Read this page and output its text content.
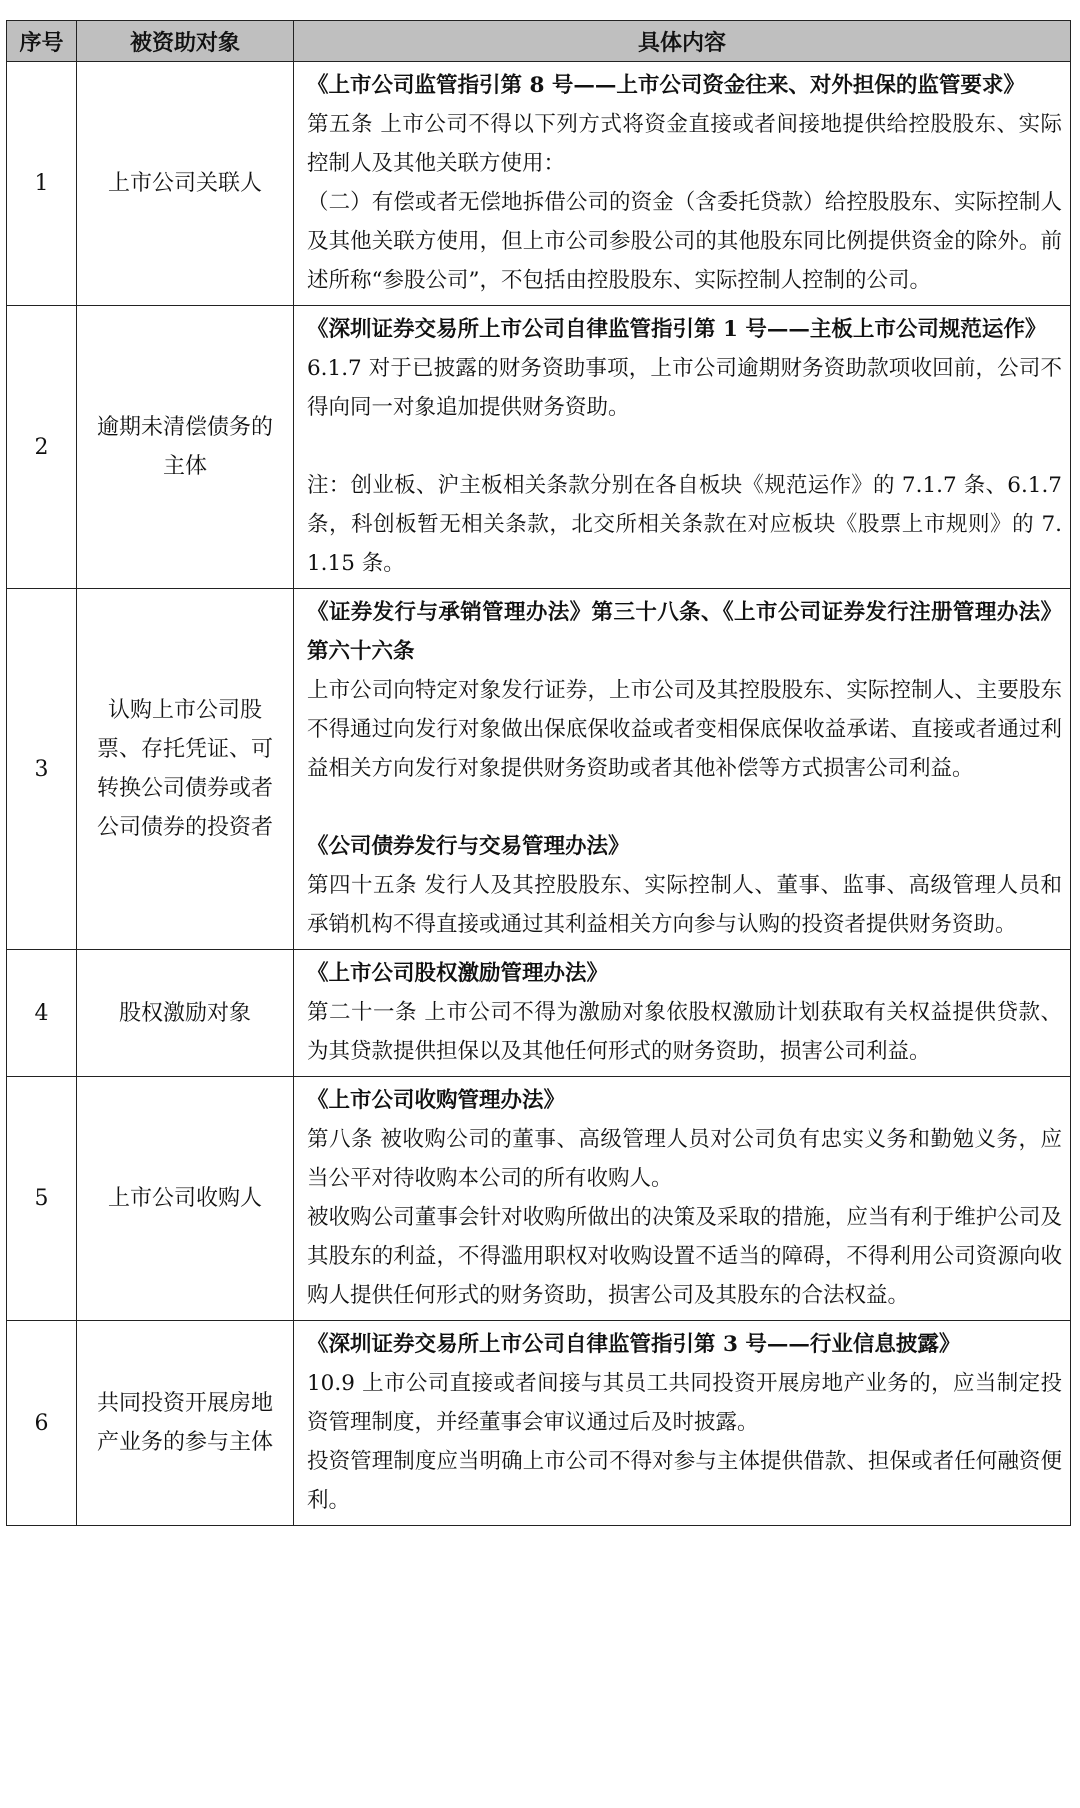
序号	被资助对象	具体内容
1	上市公司关联人	《上市公司监管指引第 8 号——上市公司资金往来、对外担保的监管要求》
第五条 上市公司不得以下列方式将资金直接或者间接地提供给控股股东、实际控制人及其他关联方使用：
（二）有偿或者无偿地拆借公司的资金（含委托贷款）给控股股东、实际控制人及其他关联方使用，但上市公司参股公司的其他股东同比例提供资金的除外。前述所称“参股公司”，不包括由控股股东、实际控制人控制的公司。

2	逾期未清偿债务的主体	《深圳证券交易所上市公司自律监管指引第 1 号——主板上市公司规范运作》
6.1.7 对于已披露的财务资助事项，上市公司逾期财务资助款项收回前，公司不得向同一对象追加提供财务资助。
注：创业板、沪主板相关条款分别在各自板块《规范运作》的 7.1.7 条、6.1.7 条，科创板暂无相关条款，北交所相关条款在对应板块《股票上市规则》的 7.1.15 条。

3	认购上市公司股票、存托凭证、可转换公司债券或者公司债券的投资者	《证券发行与承销管理办法》第三十八条、《上市公司证券发行注册管理办法》第六十六条
上市公司向特定对象发行证券，上市公司及其控股股东、实际控制人、主要股东不得通过向发行对象做出保底保收益或者变相保底保收益承诺、直接或者通过利益相关方向发行对象提供财务资助或者其他补偿等方式损害公司利益。
《公司债券发行与交易管理办法》
第四十五条 发行人及其控股股东、实际控制人、董事、监事、高级管理人员和承销机构不得直接或通过其利益相关方向参与认购的投资者提供财务资助。

4	股权激励对象	《上市公司股权激励管理办法》
第二十一条 上市公司不得为激励对象依股权激励计划获取有关权益提供贷款、为其贷款提供担保以及其他任何形式的财务资助，损害公司利益。

5	上市公司收购人	《上市公司收购管理办法》
第八条 被收购公司的董事、高级管理人员对公司负有忠实义务和勤勉义务，应当公平对待收购本公司的所有收购人。
被收购公司董事会针对收购所做出的决策及采取的措施，应当有利于维护公司及其股东的利益，不得滥用职权对收购设置不适当的障碍，不得利用公司资源向收购人提供任何形式的财务资助，损害公司及其股东的合法权益。

6	共同投资开展房地产业务的参与主体	《深圳证券交易所上市公司自律监管指引第 3 号——行业信息披露》
10.9 上市公司直接或者间接与其员工共同投资开展房地产业务的，应当制定投资管理制度，并经董事会审议通过后及时披露。
投资管理制度应当明确上市公司不得对参与主体提供借款、担保或者任何融资便利。
